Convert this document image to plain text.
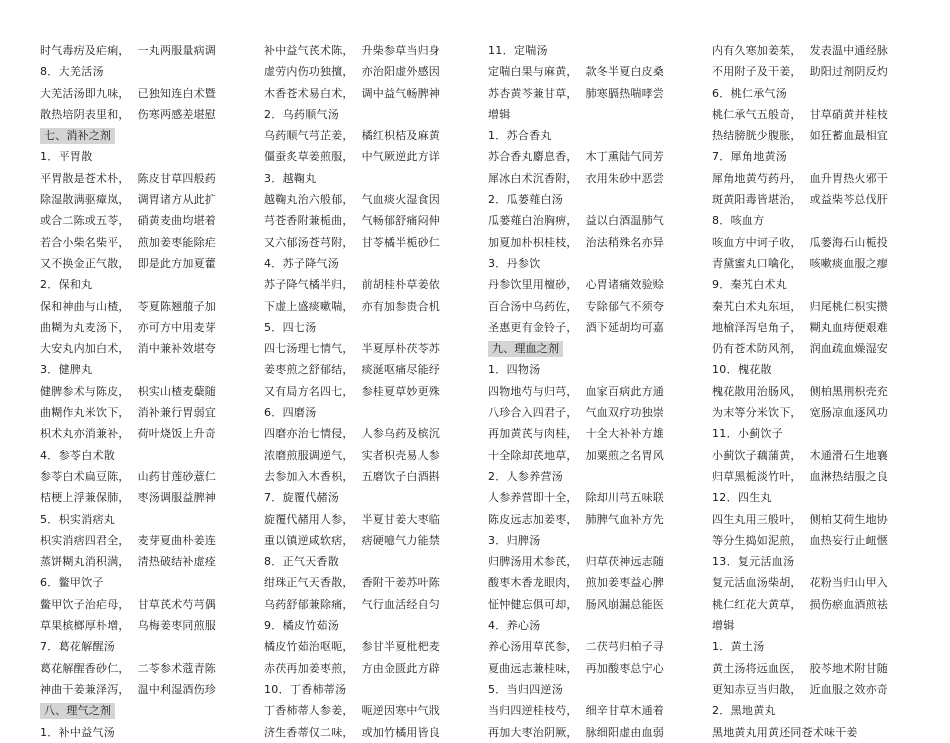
时气毒疠及疟痢， 一丸两服量病调
8．大羌活汤
大羌活汤即九味， 已独知连白术暨
散热培阴表里和， 伤寒两感差堪慰
七、消补之剂
1．平胃散
平胃散是苍术朴， 陈皮甘草四般药
除湿散满驱瘴岚， 调胃诸方从此扩
或合二陈或五苓， 硝黄麦曲均堪着
若合小柴名柴平， 煎加姜枣能除疟
又不换金正气散， 即是此方加夏藿
2．保和丸
保和神曲与山楂， 苓夏陈翘菔子加
曲糊为丸麦汤下， 亦可方中用麦芽
大安丸内加白术， 消中兼补效堪夸
3．健脾丸
健脾参术与陈皮， 枳实山楂麦蘖随
曲糊作丸米饮下， 消补兼行胃弱宜
枳术丸亦消兼补， 荷叶烧饭上升奇
4．参苓白术散
参苓白术扁豆陈， 山药甘莲砂薏仁
桔梗上浮兼保肺， 枣汤调服益脾神
5．枳实消痞丸
枳实消痞四君全， 麦芽夏曲朴姜连
蒸饼糊丸消积满， 清热破结补虚痊
6．鳖甲饮子
鳖甲饮子治疟母， 甘草芪术芍芎偶
草果槟榔厚朴增， 乌梅姜枣同煎服
7．葛花解醒汤
葛花解醒香砂仁， 二苓参术蔻青陈
神曲干姜兼泽泻， 温中利湿酒伤珍
八、理气之剂
1．补中益气汤
补中益气芪术陈， 升柴参草当归身
虚劳内伤功独擅， 亦治阳虚外感因
木香苍术易白术， 调中益气畅脾神
2．乌药顺气汤
乌药顺气芎芷姜， 橘红枳桔及麻黄
僵蚕炙草姜煎服， 中气厥逆此方详
3．越鞠丸
越鞠丸治六般郁， 气血痰火湿食因
芎苍香附兼栀曲， 气畅郁舒痛闷伸
又六郁汤苍芎附， 甘苓橘半栀砂仁
4．苏子降气汤
苏子降气橘半归， 前胡桂朴草姜依
下虚上盛痰嗽喘， 亦有加参贵合机
5．四七汤
四七汤理七情气， 半夏厚朴茯苓苏
姜枣煎之舒郁结， 痰涎呕痛尽能纾
又有局方名四七， 参桂夏草妙更殊
6．四磨汤
四磨亦治七情侵， 人参乌药及槟沉
浓磨煎服调逆气， 实者枳壳易人参
去参加入木香枳， 五磨饮子白酒斟
7．旋覆代赭汤
旋覆代赭用人参， 半夏甘姜大枣临
重以镇逆咸软痞， 痞硬噫气力能禁
8．正气天香散
绀珠正气天香散， 香附干姜苏叶陈
乌药舒郁兼除痛， 气行血活经自匀
9．橘皮竹茹汤
橘皮竹茹治呕呃， 参甘半夏枇杷麦
赤茯再加姜枣煎， 方由金匮此方辟
10．丁香柿蒂汤
丁香柿蒂人参姜， 呃逆因寒中气戕
济生香蒂仅二味， 或加竹橘用皆良
11．定喘汤
定喘白果与麻黄， 款冬半夏白皮桑
苏杏黄芩兼甘草， 肺寒膈热喘哮尝
增辑
1．苏合香丸
苏合香丸麝息香， 木丁熏陆气同芳
犀冰白术沉香附， 衣用朱砂中恶尝
2．瓜蒌薤白汤
瓜蒌薤白治胸痹， 益以白酒温肺气
加夏加朴枳桂枝， 治法稍殊名亦异
3．丹参饮
丹参饮里用檀砂， 心胃诸痛效验赊
百合汤中乌药佐， 专除郁气不须夸
圣惠更有金铃子， 酒下延胡均可嘉
九、理血之剂
1．四物汤
四物地芍与归芎， 血家百病此方通
八珍合入四君子， 气血双疗功独崇
再加黄芪与肉桂， 十全大补补方雄
十全除却芪地草， 加粟煎之名胃风
2．人参养营汤
人参养营即十全， 除却川芎五味联
陈皮远志加姜枣， 肺脾气血补方先
3．归脾汤
归脾汤用术参芪， 归草茯神远志随
酸枣木香龙眼肉， 煎加姜枣益心脾
怔忡健忘俱可却， 肠风崩漏总能医
4．养心汤
养心汤用草芪参， 二茯芎归柏子寻
夏曲远志兼桂味， 再加酸枣总宁心
5．当归四逆汤
当归四逆桂枝芍， 细辛甘草木通着
再加大枣治阴厥， 脉细阳虚由血弱
内有久寒加姜茱， 发表温中通经脉
不用附子及干姜， 助阳过剂阴反灼
6．桃仁承气汤
桃仁承气五般奇， 甘草硝黄并桂枝
热结膀胱少腹胀， 如狂蓄血最相宜
7．犀角地黄汤
犀角地黄芍药丹， 血升胃热火邪干
斑黄阳毒皆堪治， 或益柴芩总伐肝
8．咳血方
咳血方中诃子收， 瓜蒌海石山栀投
青黛蜜丸口噙化， 咳嗽痰血服之瘳
9．秦艽白术丸
秦艽白术丸东垣， 归尾桃仁枳实攒
地榆泽泻皂角子， 糊丸血痔便艰难
仍有苍术防风剂， 润血疏血燥湿安
10．槐花散
槐花散用治肠风， 侧柏黑荆枳壳充
为末等分米饮下， 宽肠凉血逐风功
11．小蓟饮子
小蓟饮子藕蒲黄， 木通滑石生地襄
归草黑栀淡竹叶， 血淋热结服之良
12．四生丸
四生丸用三般叶， 侧柏艾荷生地协
等分生捣如泥煎， 血热妄行止衄惬
13．复元活血汤
复元活血汤柴胡， 花粉当归山甲入
桃仁红花大黄草， 损伤瘀血酒煎祛
增辑
1．黄土汤
黄土汤将远血医， 胶芩地术附甘随
更知赤豆当归散， 近血服之效亦奇
2．黑地黄丸
黑地黄丸用黄还同苍术味干姜
